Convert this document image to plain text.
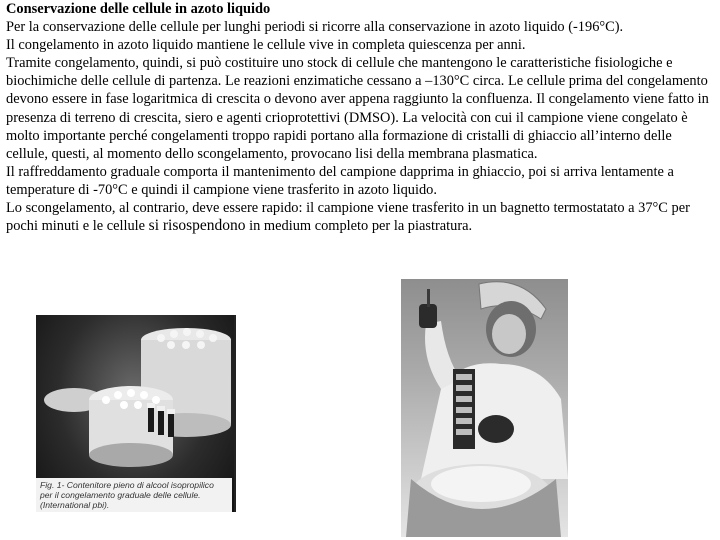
Conservazione delle cellule in azoto liquido
Per la conservazione delle cellule per lunghi periodi si ricorre alla conservazione in azoto liquido (-196°C).
Il congelamento in azoto liquido mantiene le cellule vive in completa quiescenza per anni.
Tramite congelamento, quindi, si può costituire uno stock di cellule che mantengono le caratteristiche fisiologiche e biochimiche delle cellule di partenza. Le reazioni enzimatiche cessano a –130°C circa. Le cellule prima del congelamento devono essere in fase logaritmica di crescita o devono aver appena raggiunto la confluenza. Il congelamento viene fatto in presenza di terreno di crescita, siero e agenti crioprotettivi (DMSO). La velocità con cui il campione viene congelato è molto importante perché congelamenti troppo rapidi portano alla formazione di cristalli di ghiaccio all’interno delle cellule, questi, al momento dello scongelamento, provocano lisi della membrana plasmatica.
Il raffreddamento graduale comporta il mantenimento del campione dapprima in ghiaccio, poi si arriva lentamente a temperature di -70°C e quindi il campione viene trasferito in azoto liquido.
Lo scongelamento, al contrario, deve essere rapido: il campione viene trasferito in un bagnetto termostatato a 37°C per pochi minuti e le cellule si risospendono in medium completo per la piastratura.
Fig. 1- Contenitore pieno di alcool isopropilico per il congelamento graduale delle cellule. (International pbi).
